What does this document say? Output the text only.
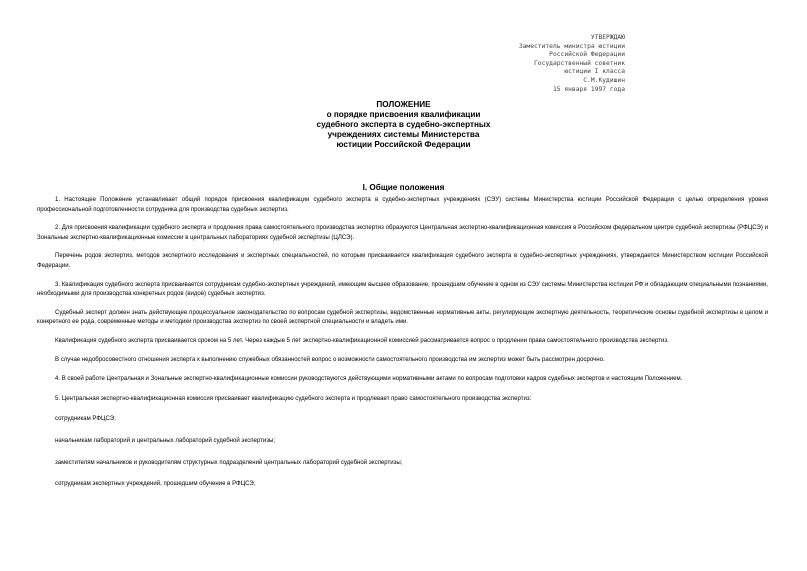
УТВЕРЖДАЮ
Заместитель министра юстиции
Российской Федерации
Государственный советник
юстиции I класса
С.М.Кудишин
15 января 1997 года
ПОЛОЖЕНИЕ
о порядке присвоения квалификации
судебного эксперта в судебно-экспертных
учреждениях системы Министерства
юстиции Российской Федерации
I. Общие положения

1. Настоящее Положение устанавливает общий порядок присвоения квалификации судебного эксперта в судебно-экспертных учреждениях (СЭУ) системы Министерства юстиции Российской Федерации с целью определения уровня профессиональной подготовленности сотрудника для производства судебных экспертиз.

2. Для присвоения квалификации судебного эксперта и продления права самостоятельного производства экспертиз образуются Центральная экспертно-квалификационная комиссия в Российском федеральном центре судебной экспертизы (РФЦСЭ) и Зональные экспертно-квалификационные комиссии в центральных лабораториях судебной экспертизы (ЦЛСЭ).

Перечень родов экспертиз, методов экспертного исследования и экспертных специальностей, по которым присваивается квалификация судебного эксперта в судебно-экспертных учреждениях, утверждается Министерством юстиции Российской Федерации.

3. Квалификация судебного эксперта присваивается сотрудникам судебно-экспертных учреждений, имеющим высшее образование, прошедшим обучение в одном из СЭУ системы Министерства юстиции РФ и обладающим специальными познаниями, необходимыми для производства конкретных родов (видов) судебных экспертиз.

Судебный эксперт должен знать действующее процессуальное законодательство по вопросам судебной экспертизы, ведомственные нормативные акты, регулирующие экспертную деятельность, теоретические основы судебной экспертизы в целом и конкретного ее рода, современные методы и методики производства экспертиз по своей экспертной специальности и владеть ими.

Квалификация судебного эксперта присваивается сроком на 5 лет. Через каждые 5 лет экспертно-квалификационной комиссией рассматривается вопрос о продлении права самостоятельного производства экспертиз.

В случае недобросовестного отношения эксперта к выполнению служебных обязанностей вопрос о возможности самостоятельного производства им экспертиз может быть рассмотрен досрочно.

4. В своей работе Центральная и Зональные экспертно-квалификационные комиссии руководствуются действующими нормативными актами по вопросам подготовки кадров судебных экспертов и настоящим Положением.

5. Центральная экспертно-квалификационная комиссия присваивает квалификацию судебного эксперта и продлевает право самостоятельного производства экспертиз:

сотрудникам РФЦСЭ;

начальникам лабораторий и центральных лабораторий судебной экспертизы;

заместителям начальников и руководителям структурных подразделений центральных лабораторий судебной экспертизы;

сотрудникам экспертных учреждений, прошедшим обучение в РФЦСЭ;
